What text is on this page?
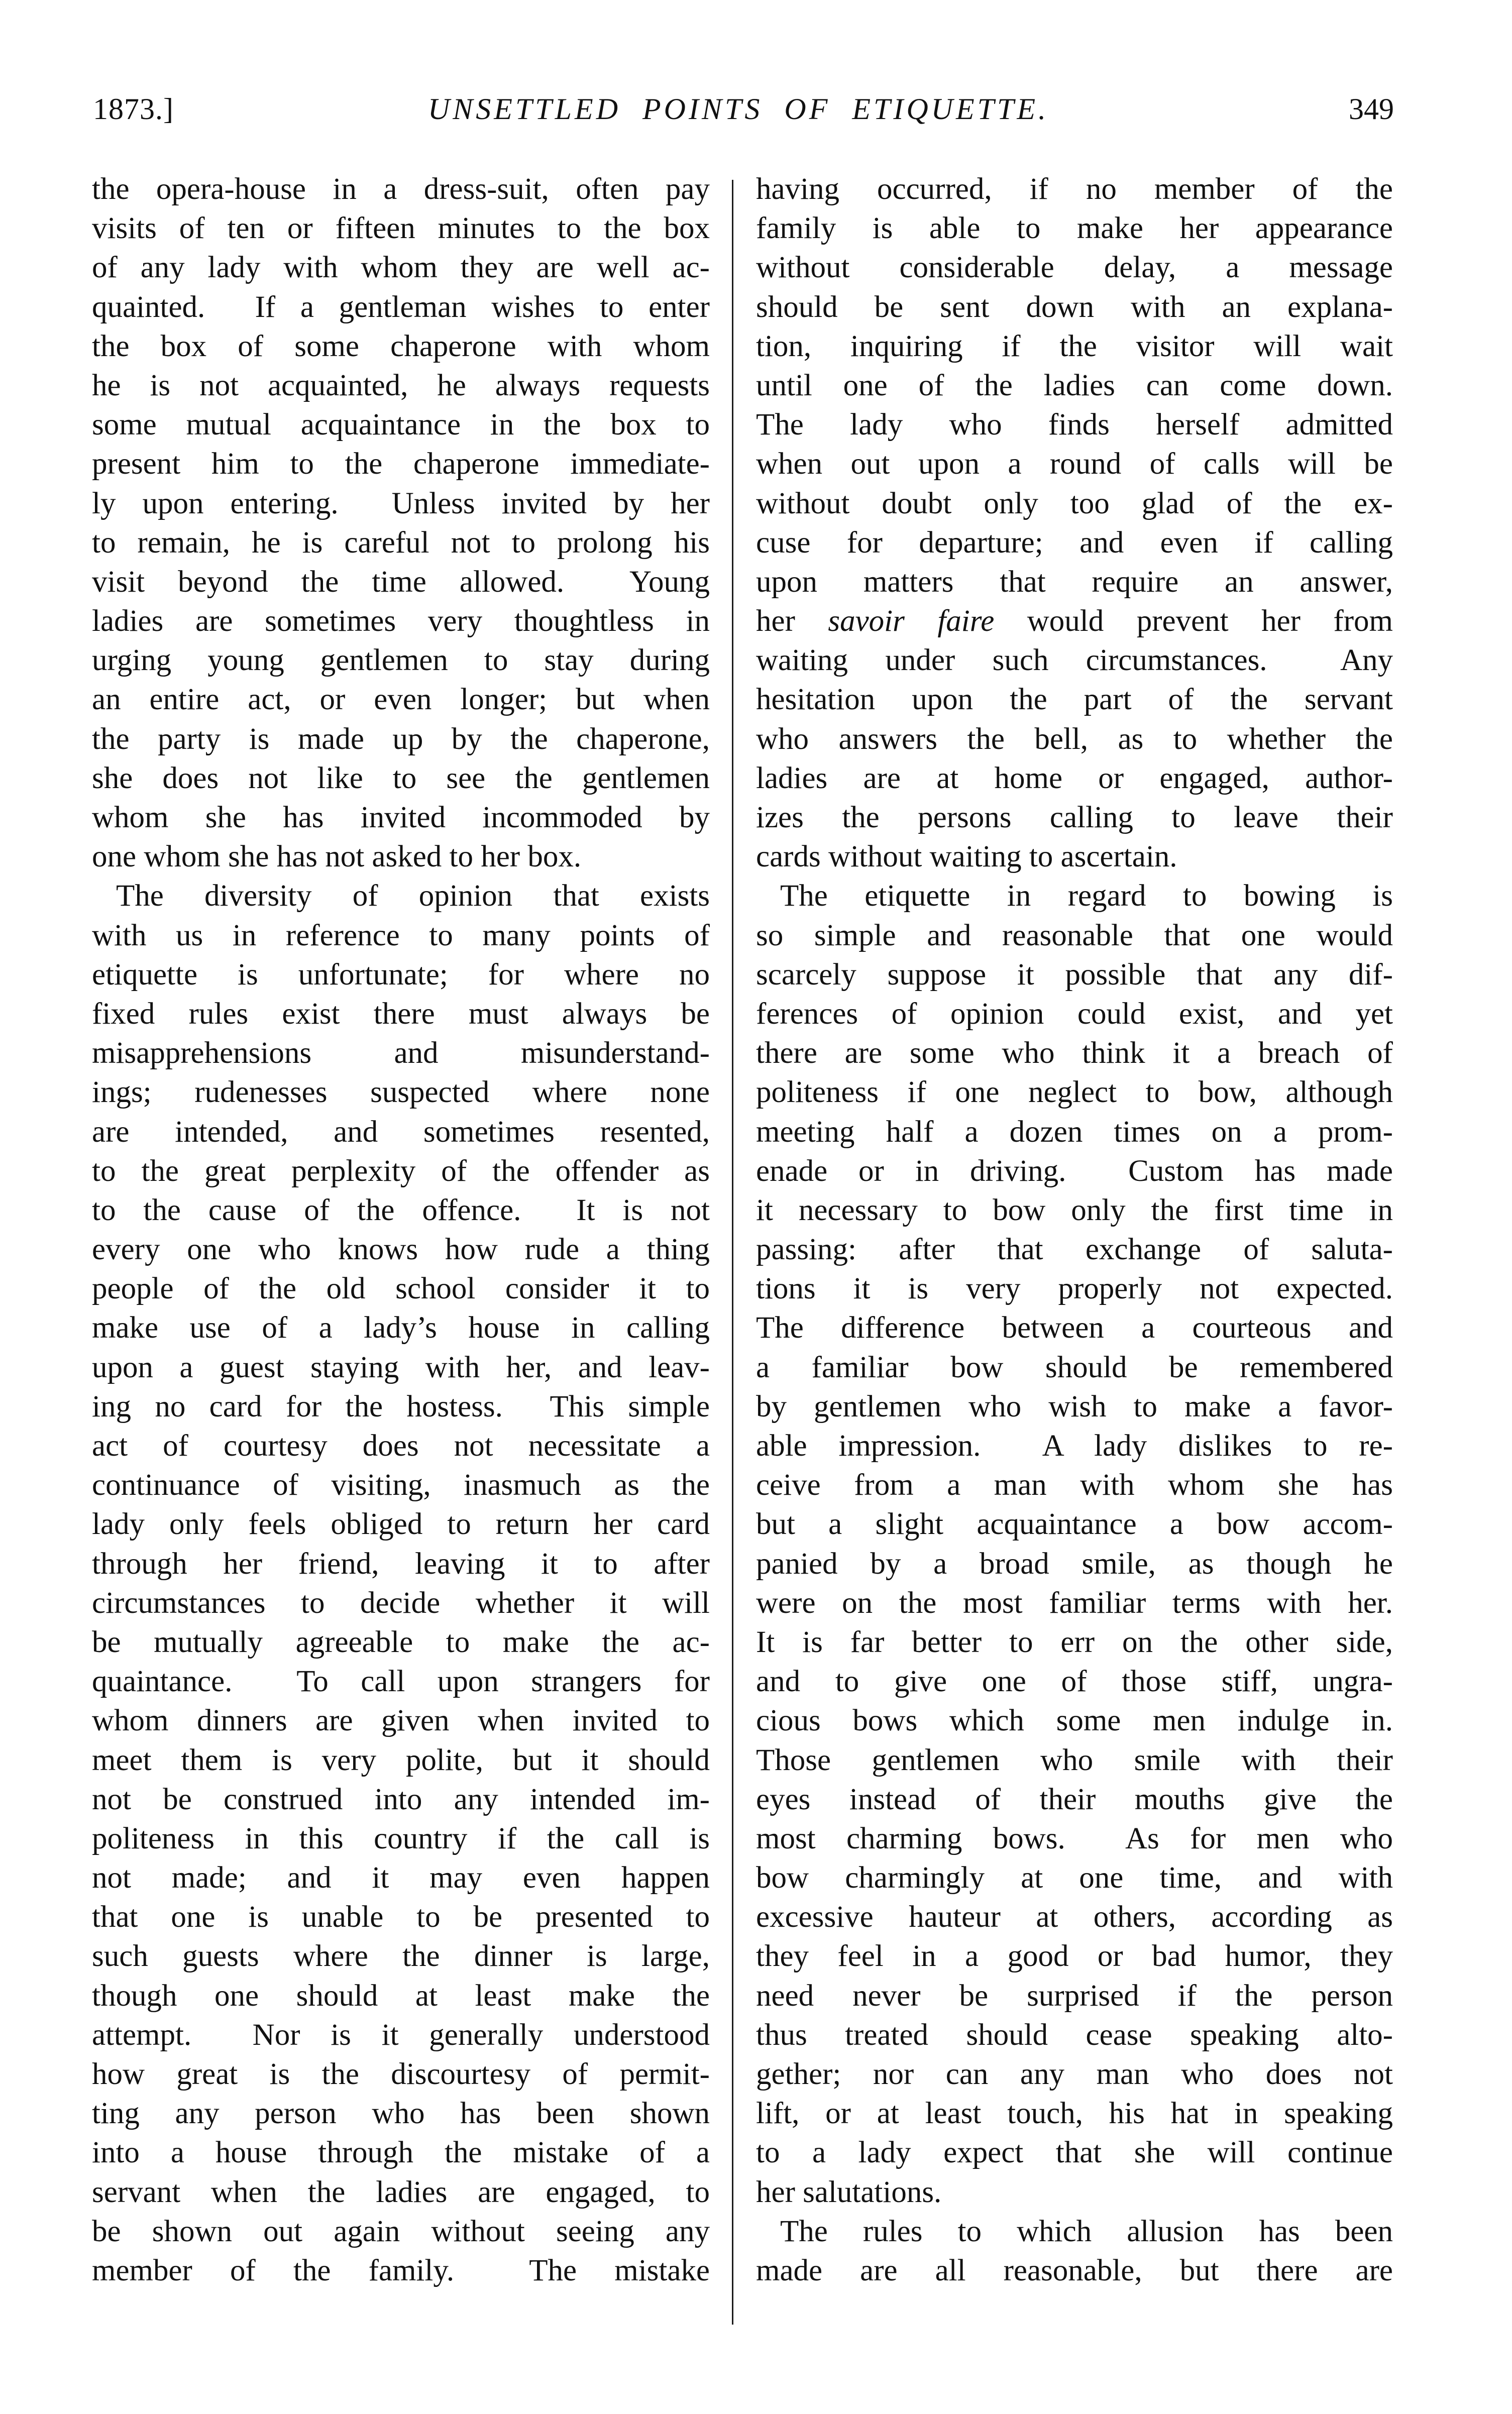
1873.]	UNSETTLED POINTS OF ETIQUETTE.	349
the opera-house in a dress-suit, often pay
visits of ten or fifteen minutes to the box
of any lady with whom they are well ac-
quainted.  If a gentleman wishes to enter
the box of some chaperone with whom
he is not acquainted, he always requests
some mutual acquaintance in the box to
present him to the chaperone immediate-
ly upon entering.  Unless invited by her
to remain, he is careful not to prolong his
visit beyond the time allowed.  Young
ladies are sometimes very thoughtless in
urging young gentlemen to stay during
an entire act, or even longer; but when
the party is made up by the chaperone,
she does not like to see the gentlemen
whom she has invited incommoded by
one whom she has not asked to her box.
The diversity of opinion that exists
with us in reference to many points of
etiquette is unfortunate; for where no
fixed rules exist there must always be
misapprehensions and misunderstand-
ings; rudenesses suspected where none
are intended, and sometimes resented,
to the great perplexity of the offender as
to the cause of the offence.  It is not
every one who knows how rude a thing
people of the old school consider it to
make use of a lady’s house in calling
upon a guest staying with her, and leav-
ing no card for the hostess.  This simple
act of courtesy does not necessitate a
continuance of visiting, inasmuch as the
lady only feels obliged to return her card
through her friend, leaving it to after
circumstances to decide whether it will
be mutually agreeable to make the ac-
quaintance.  To call upon strangers for
whom dinners are given when invited to
meet them is very polite, but it should
not be construed into any intended im-
politeness in this country if the call is
not made; and it may even happen
that one is unable to be presented to
such guests where the dinner is large,
though one should at least make the
attempt.  Nor is it generally understood
how great is the discourtesy of permit-
ting any person who has been shown
into a house through the mistake of a
servant when the ladies are engaged, to
be shown out again without seeing any
member of the family.  The mistake
having occurred, if no member of the
family is able to make her appearance
without considerable delay, a message
should be sent down with an explana-
tion, inquiring if the visitor will wait
until one of the ladies can come down.
The lady who finds herself admitted
when out upon a round of calls will be
without doubt only too glad of the ex-
cuse for departure; and even if calling
upon matters that require an answer,
her savoir faire would prevent her from
waiting under such circumstances.  Any
hesitation upon the part of the servant
who answers the bell, as to whether the
ladies are at home or engaged, author-
izes the persons calling to leave their
cards without waiting to ascertain.
The etiquette in regard to bowing is
so simple and reasonable that one would
scarcely suppose it possible that any dif-
ferences of opinion could exist, and yet
there are some who think it a breach of
politeness if one neglect to bow, although
meeting half a dozen times on a prom-
enade or in driving.  Custom has made
it necessary to bow only the first time in
passing: after that exchange of saluta-
tions it is very properly not expected.
The difference between a courteous and
a familiar bow should be remembered
by gentlemen who wish to make a favor-
able impression.  A lady dislikes to re-
ceive from a man with whom she has
but a slight acquaintance a bow accom-
panied by a broad smile, as though he
were on the most familiar terms with her.
It is far better to err on the other side,
and to give one of those stiff, ungra-
cious bows which some men indulge in.
Those gentlemen who smile with their
eyes instead of their mouths give the
most charming bows.  As for men who
bow charmingly at one time, and with
excessive hauteur at others, according as
they feel in a good or bad humor, they
need never be surprised if the person
thus treated should cease speaking alto-
gether; nor can any man who does not
lift, or at least touch, his hat in speaking
to a lady expect that she will continue
her salutations.
The rules to which allusion has been
made are all reasonable, but there are
